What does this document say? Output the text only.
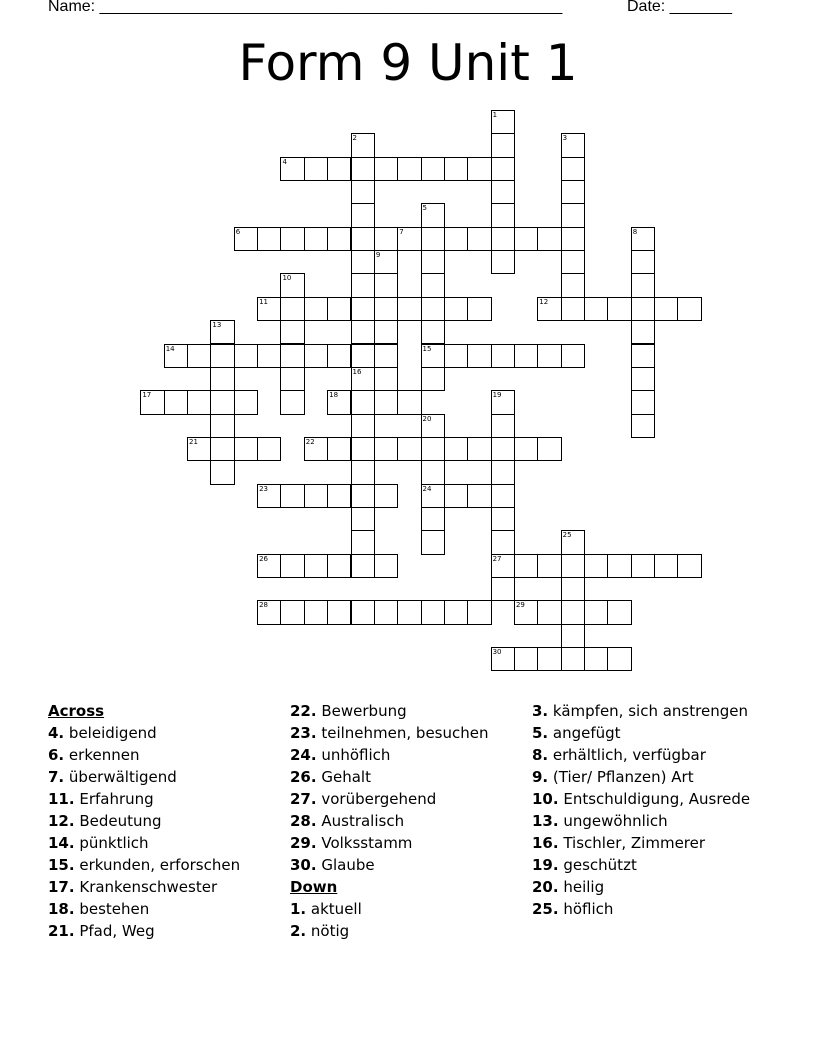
Name: ____________________________________________________	Date: _______
Form 9 Unit 1
1
2	3
4
5
6	7	8
9
10
11	12
13
14	15
16
17	18	19
20
21	22
23	24
25
26	27
28	29
30
Across
4. beleidigend
6. erkennen
7. überwältigend
11. Erfahrung
12. Bedeutung
14. pünktlich
15. erkunden, erforschen
17. Krankenschwester
18. bestehen
21. Pfad, Weg
22. Bewerbung
23. teilnehmen, besuchen
24. unhöflich
26. Gehalt
27. vorübergehend
28. Australisch
29. Volksstamm
30. Glaube
Down
1. aktuell
2. nötig
3. kämpfen, sich anstrengen
5. angefügt
8. erhältlich, verfügbar
9. (Tier/ Pflanzen) Art
10. Entschuldigung, Ausrede
13. ungewöhnlich
16. Tischler, Zimmerer
19. geschützt
20. heilig
25. höflich
